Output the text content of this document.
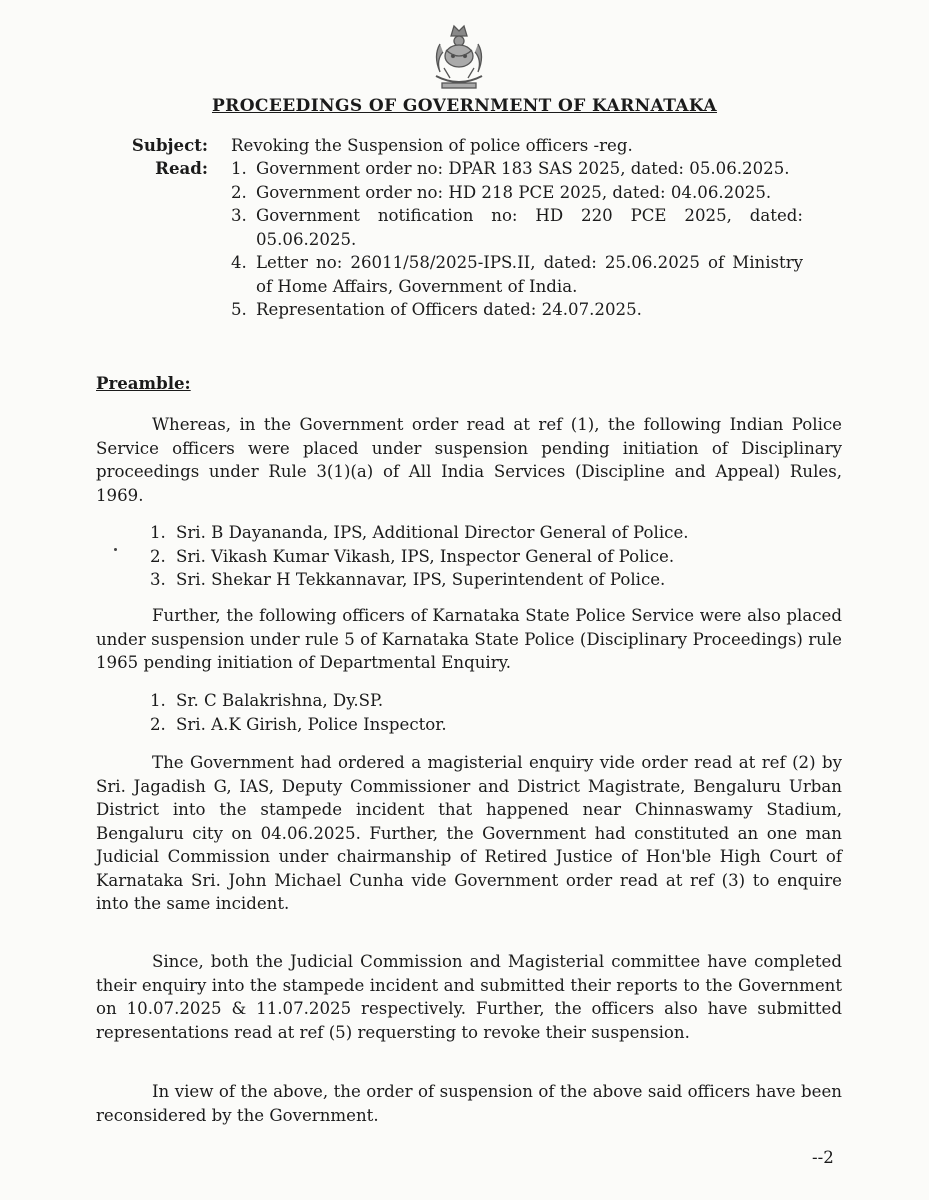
PROCEEDINGS OF GOVERNMENT OF KARNATAKA
Subject: Revoking the Suspension of police officers -reg.
Read: 1. Government order no: DPAR 183 SAS 2025, dated: 05.06.2025.
2. Government order no: HD 218 PCE 2025, dated: 04.06.2025.
3. Government notification no: HD 220 PCE 2025, dated: 05.06.2025.
4. Letter no: 26011/58/2025-IPS.II, dated: 25.06.2025 of Ministry of Home Affairs, Government of India.
5. Representation of Officers dated: 24.07.2025.
Preamble:

Whereas, in the Government order read at ref (1), the following Indian Police Service officers were placed under suspension pending initiation of Disciplinary proceedings under Rule 3(1)(a) of All India Services (Discipline and Appeal) Rules, 1969.

1. Sri. B Dayananda, IPS, Additional Director General of Police.
2. Sri. Vikash Kumar Vikash, IPS, Inspector General of Police.
3. Sri. Shekar H Tekkannavar, IPS, Superintendent of Police.

Further, the following officers of Karnataka State Police Service were also placed under suspension under rule 5 of Karnataka State Police (Disciplinary Proceedings) rule 1965 pending initiation of Departmental Enquiry.

1. Sr. C Balakrishna, Dy.SP.
2. Sri. A.K Girish, Police Inspector.

The Government had ordered a magisterial enquiry vide order read at ref (2) by Sri. Jagadish G, IAS, Deputy Commissioner and District Magistrate, Bengaluru Urban District into the stampede incident that happened near Chinnaswamy Stadium, Bengaluru city on 04.06.2025. Further, the Government had constituted an one man Judicial Commission under chairmanship of Retired Justice of Hon'ble High Court of Karnataka Sri. John Michael Cunha vide Government order read at ref (3) to enquire into the same incident.

Since, both the Judicial Commission and Magisterial committee have completed their enquiry into the stampede incident and submitted their reports to the Government on 10.07.2025 & 11.07.2025 respectively. Further, the officers also have submitted representations read at ref (5) requersting to revoke their suspension.

In view of the above, the order of suspension of the above said officers have been reconsidered by the Government.

--2
